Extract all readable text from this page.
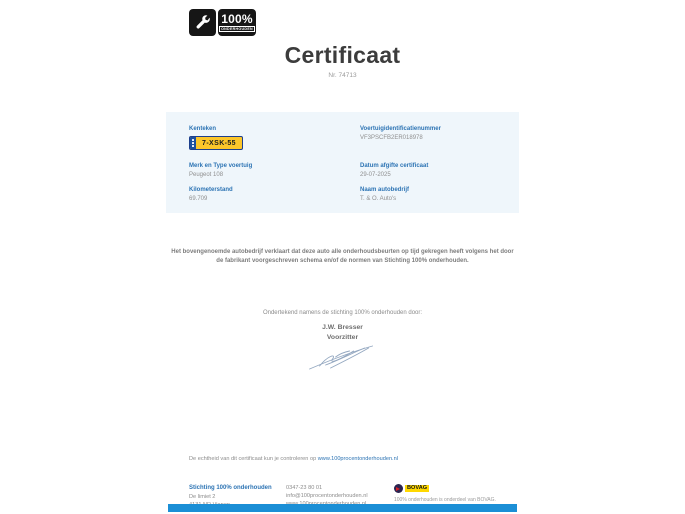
100%
ONDERHOUDEN
Certificaat
Nr. 74713
Kenteken
7-XSK-55
Voertuigidentificatienummer
VF3PSCFB2ER018978
Merk en Type voertuig
Peugeot 108
Datum afgifte certificaat
29-07-2025
Kilometerstand
69.709
Naam autobedrijf
T. & O. Auto's
Het bovengenoemde autobedrijf verklaart dat deze auto alle onderhoudsbeurten op tijd gekregen heeft volgens het door de fabrikant voorgeschreven schema en/of de normen van Stichting 100% onderhouden.
Ondertekend namens de stichting 100% onderhouden door:
J.W. Bresser
Voorzitter
De echtheid van dit certificaat kun je controleren op www.100procentonderhouden.nl
Stichting 100% onderhouden
De limiet 2
0347-23 80 01
info@100procentonderhouden.nl
BOVAG
100% onderhouden is onderdeel van BOVAG.
